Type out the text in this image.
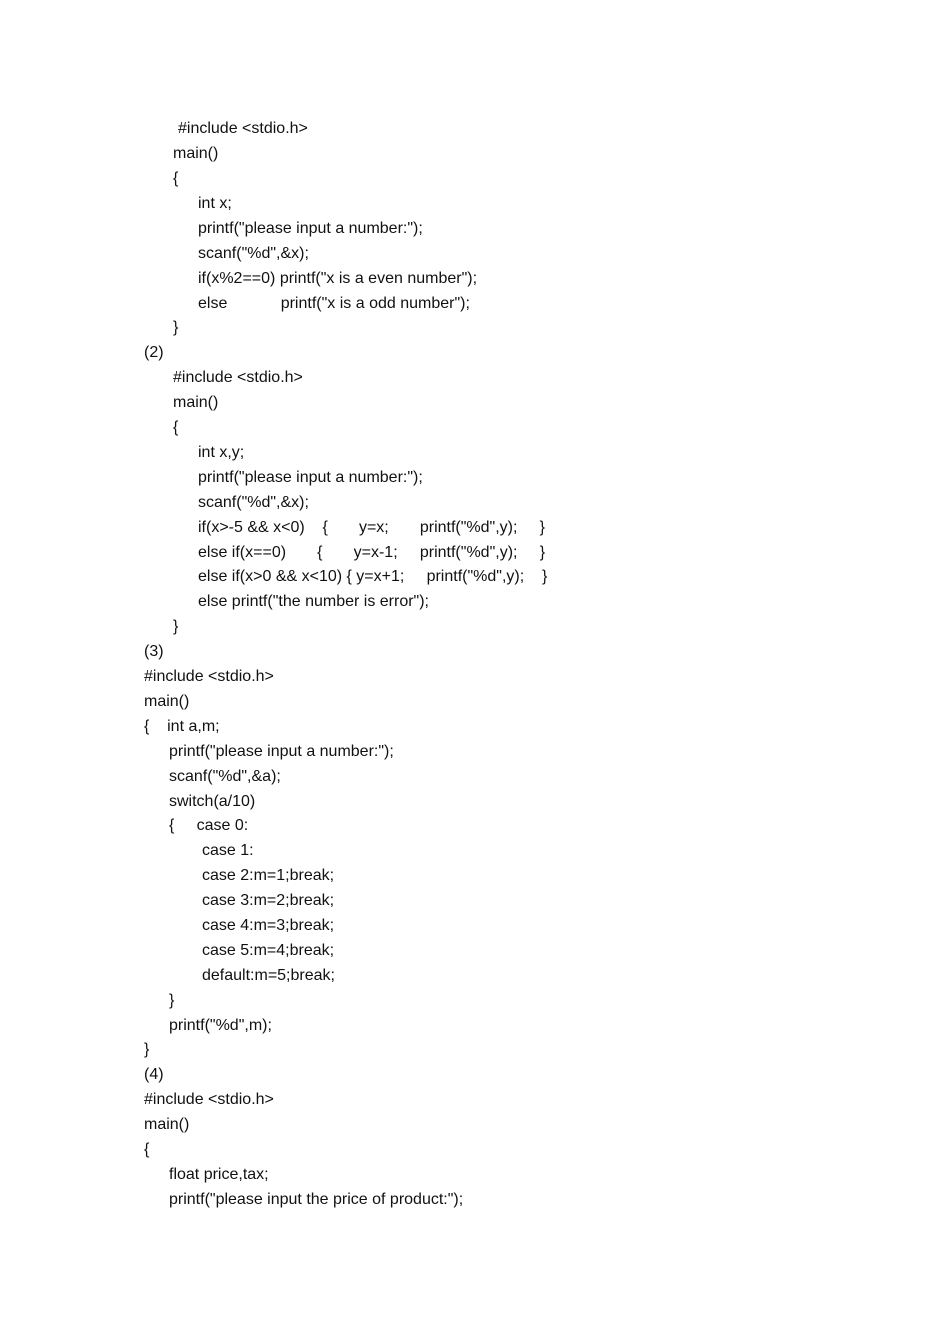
#include <stdio.h>
main()
{
int x;
printf("please input a number:");
scanf("%d",&x);
if(x%2==0) printf("x is a even number");
else            printf("x is a odd number");
}
(2)
#include <stdio.h>
main()
{
int x,y;
printf("please input a number:");
scanf("%d",&x);
if(x>-5 && x<0)    {       y=x;       printf("%d",y);     }
else if(x==0)       {       y=x-1;     printf("%d",y);     }
else if(x>0 && x<10) { y=x+1;     printf("%d",y);    }
else printf("the number is error");
}
(3)
#include <stdio.h>
main()
{    int a,m;
printf("please input a number:");
scanf("%d",&a);
switch(a/10)
{     case 0:
case 1:
case 2:m=1;break;
case 3:m=2;break;
case 4:m=3;break;
case 5:m=4;break;
default:m=5;break;
}
printf("%d",m);
}
(4)
#include <stdio.h>
main()
{
float price,tax;
printf("please input the price of product:");
